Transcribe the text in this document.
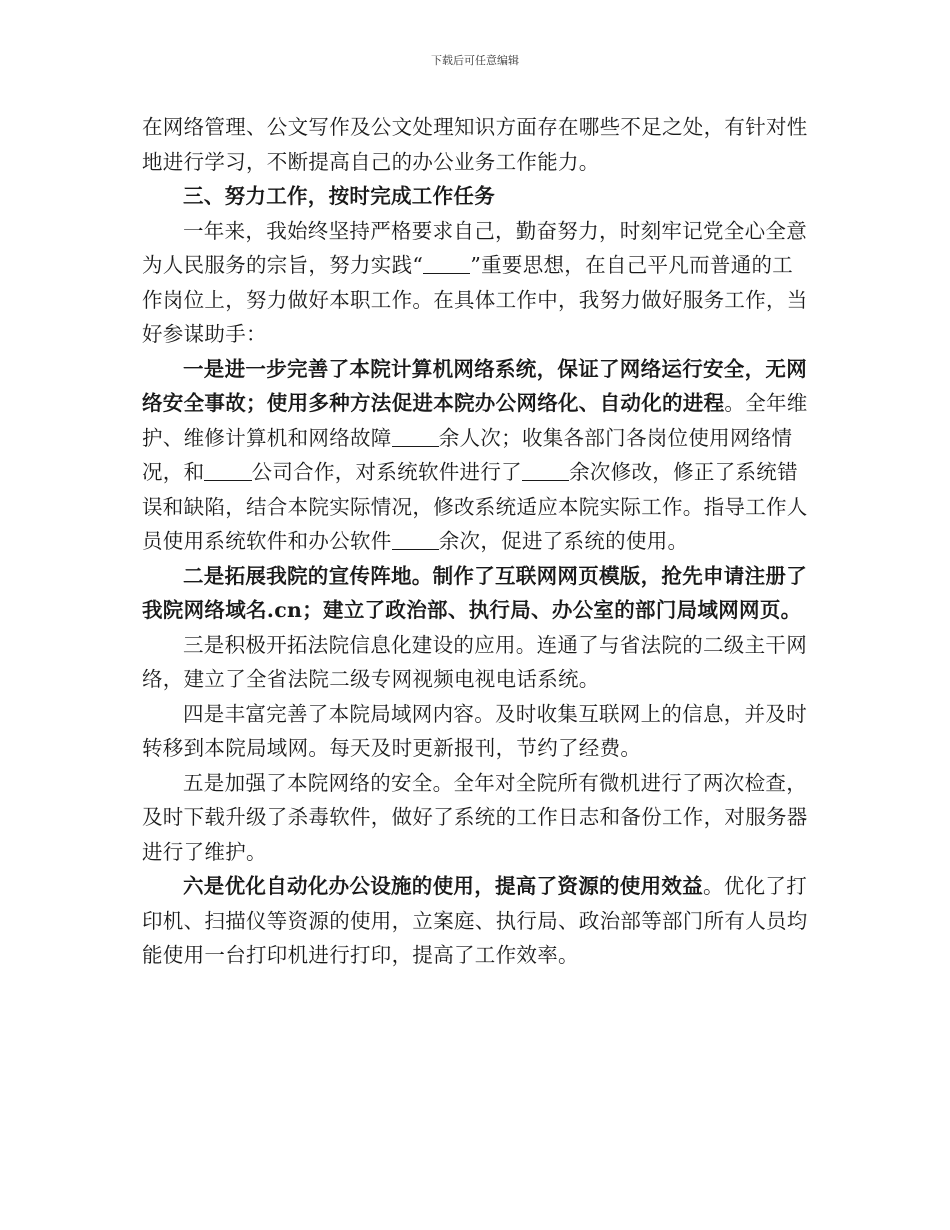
下载后可任意编辑

在网络管理、公文写作及公文处理知识方面存在哪些不足之处，有针对性地进行学习，不断提高自己的办公业务工作能力。

三、努力工作，按时完成工作任务

一年来，我始终坚持严格要求自己，勤奋努力，时刻牢记党全心全意为人民服务的宗旨，努力实践“ ”重要思想，在自己平凡而普通的工作岗位上，努力做好本职工作。在具体工作中，我努力做好服务工作，当好参谋助手：

一是进一步完善了本院计算机网络系统，保证了网络运行安全，无网络安全事故；使用多种方法促进本院办公网络化、自动化的进程。全年维护、维修计算机和网络故障 余人次；收集各部门各岗位使用网络情况，和 公司合作，对系统软件进行了 余次修改，修正了系统错误和缺陷，结合本院实际情况，修改系统适应本院实际工作。指导工作人员使用系统软件和办公软件 余次，促进了系统的使用。

二是拓展我院的宣传阵地。制作了互联网网页模版，抢先申请注册了我院网络域名.cn；建立了政治部、执行局、办公室的部门局域网网页。

三是积极开拓法院信息化建设的应用。连通了与省法院的二级主干网络，建立了全省法院二级专网视频电视电话系统。

四是丰富完善了本院局域网内容。及时收集互联网上的信息，并及时转移到本院局域网。每天及时更新报刊，节约了经费。

五是加强了本院网络的安全。全年对全院所有微机进行了两次检查，及时下载升级了杀毒软件，做好了系统的工作日志和备份工作，对服务器进行了维护。

六是优化自动化办公设施的使用，提高了资源的使用效益。优化了打印机、扫描仪等资源的使用，立案庭、执行局、政治部等部门所有人员均能使用一台打印机进行打印，提高了工作效率。
